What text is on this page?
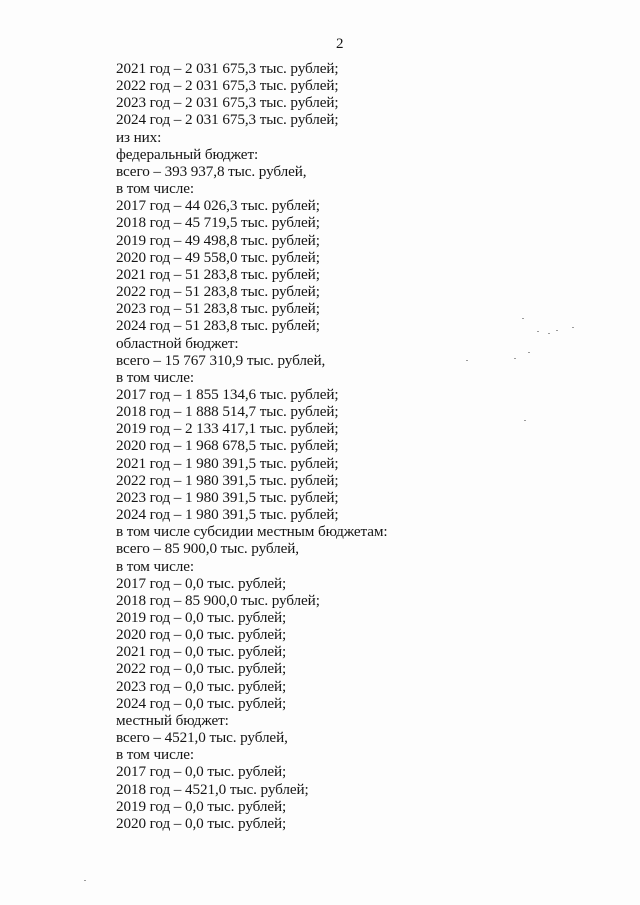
2
2021 год – 2 031 675,3 тыс. рублей;
2022 год – 2 031 675,3 тыс. рублей;
2023 год – 2 031 675,3 тыс. рублей;
2024 год – 2 031 675,3 тыс. рублей;
из них:
федеральный бюджет:
всего – 393 937,8 тыс. рублей,
в том числе:
2017 год – 44 026,3 тыс. рублей;
2018 год – 45 719,5 тыс. рублей;
2019 год – 49 498,8 тыс. рублей;
2020 год – 49 558,0 тыс. рублей;
2021 год – 51 283,8 тыс. рублей;
2022 год – 51 283,8 тыс. рублей;
2023 год – 51 283,8 тыс. рублей;
2024 год – 51 283,8 тыс. рублей;
областной бюджет:
всего – 15 767 310,9 тыс. рублей,
в том числе:
2017 год – 1 855 134,6 тыс. рублей;
2018 год – 1 888 514,7 тыс. рублей;
2019 год – 2 133 417,1 тыс. рублей;
2020 год – 1 968 678,5 тыс. рублей;
2021 год – 1 980 391,5 тыс. рублей;
2022 год – 1 980 391,5 тыс. рублей;
2023 год – 1 980 391,5 тыс. рублей;
2024 год – 1 980 391,5 тыс. рублей;
в том числе субсидии местным бюджетам:
всего – 85 900,0 тыс. рублей,
в том числе:
2017 год – 0,0 тыс. рублей;
2018 год – 85 900,0 тыс. рублей;
2019 год – 0,0 тыс. рублей;
2020 год – 0,0 тыс. рублей;
2021 год – 0,0 тыс. рублей;
2022 год – 0,0 тыс. рублей;
2023 год – 0,0 тыс. рублей;
2024 год – 0,0 тыс. рублей;
местный бюджет:
всего – 4521,0 тыс. рублей,
в том числе:
2017 год – 0,0 тыс. рублей;
2018 год – 4521,0 тыс. рублей;
2019 год – 0,0 тыс. рублей;
2020 год – 0,0 тыс. рублей;
